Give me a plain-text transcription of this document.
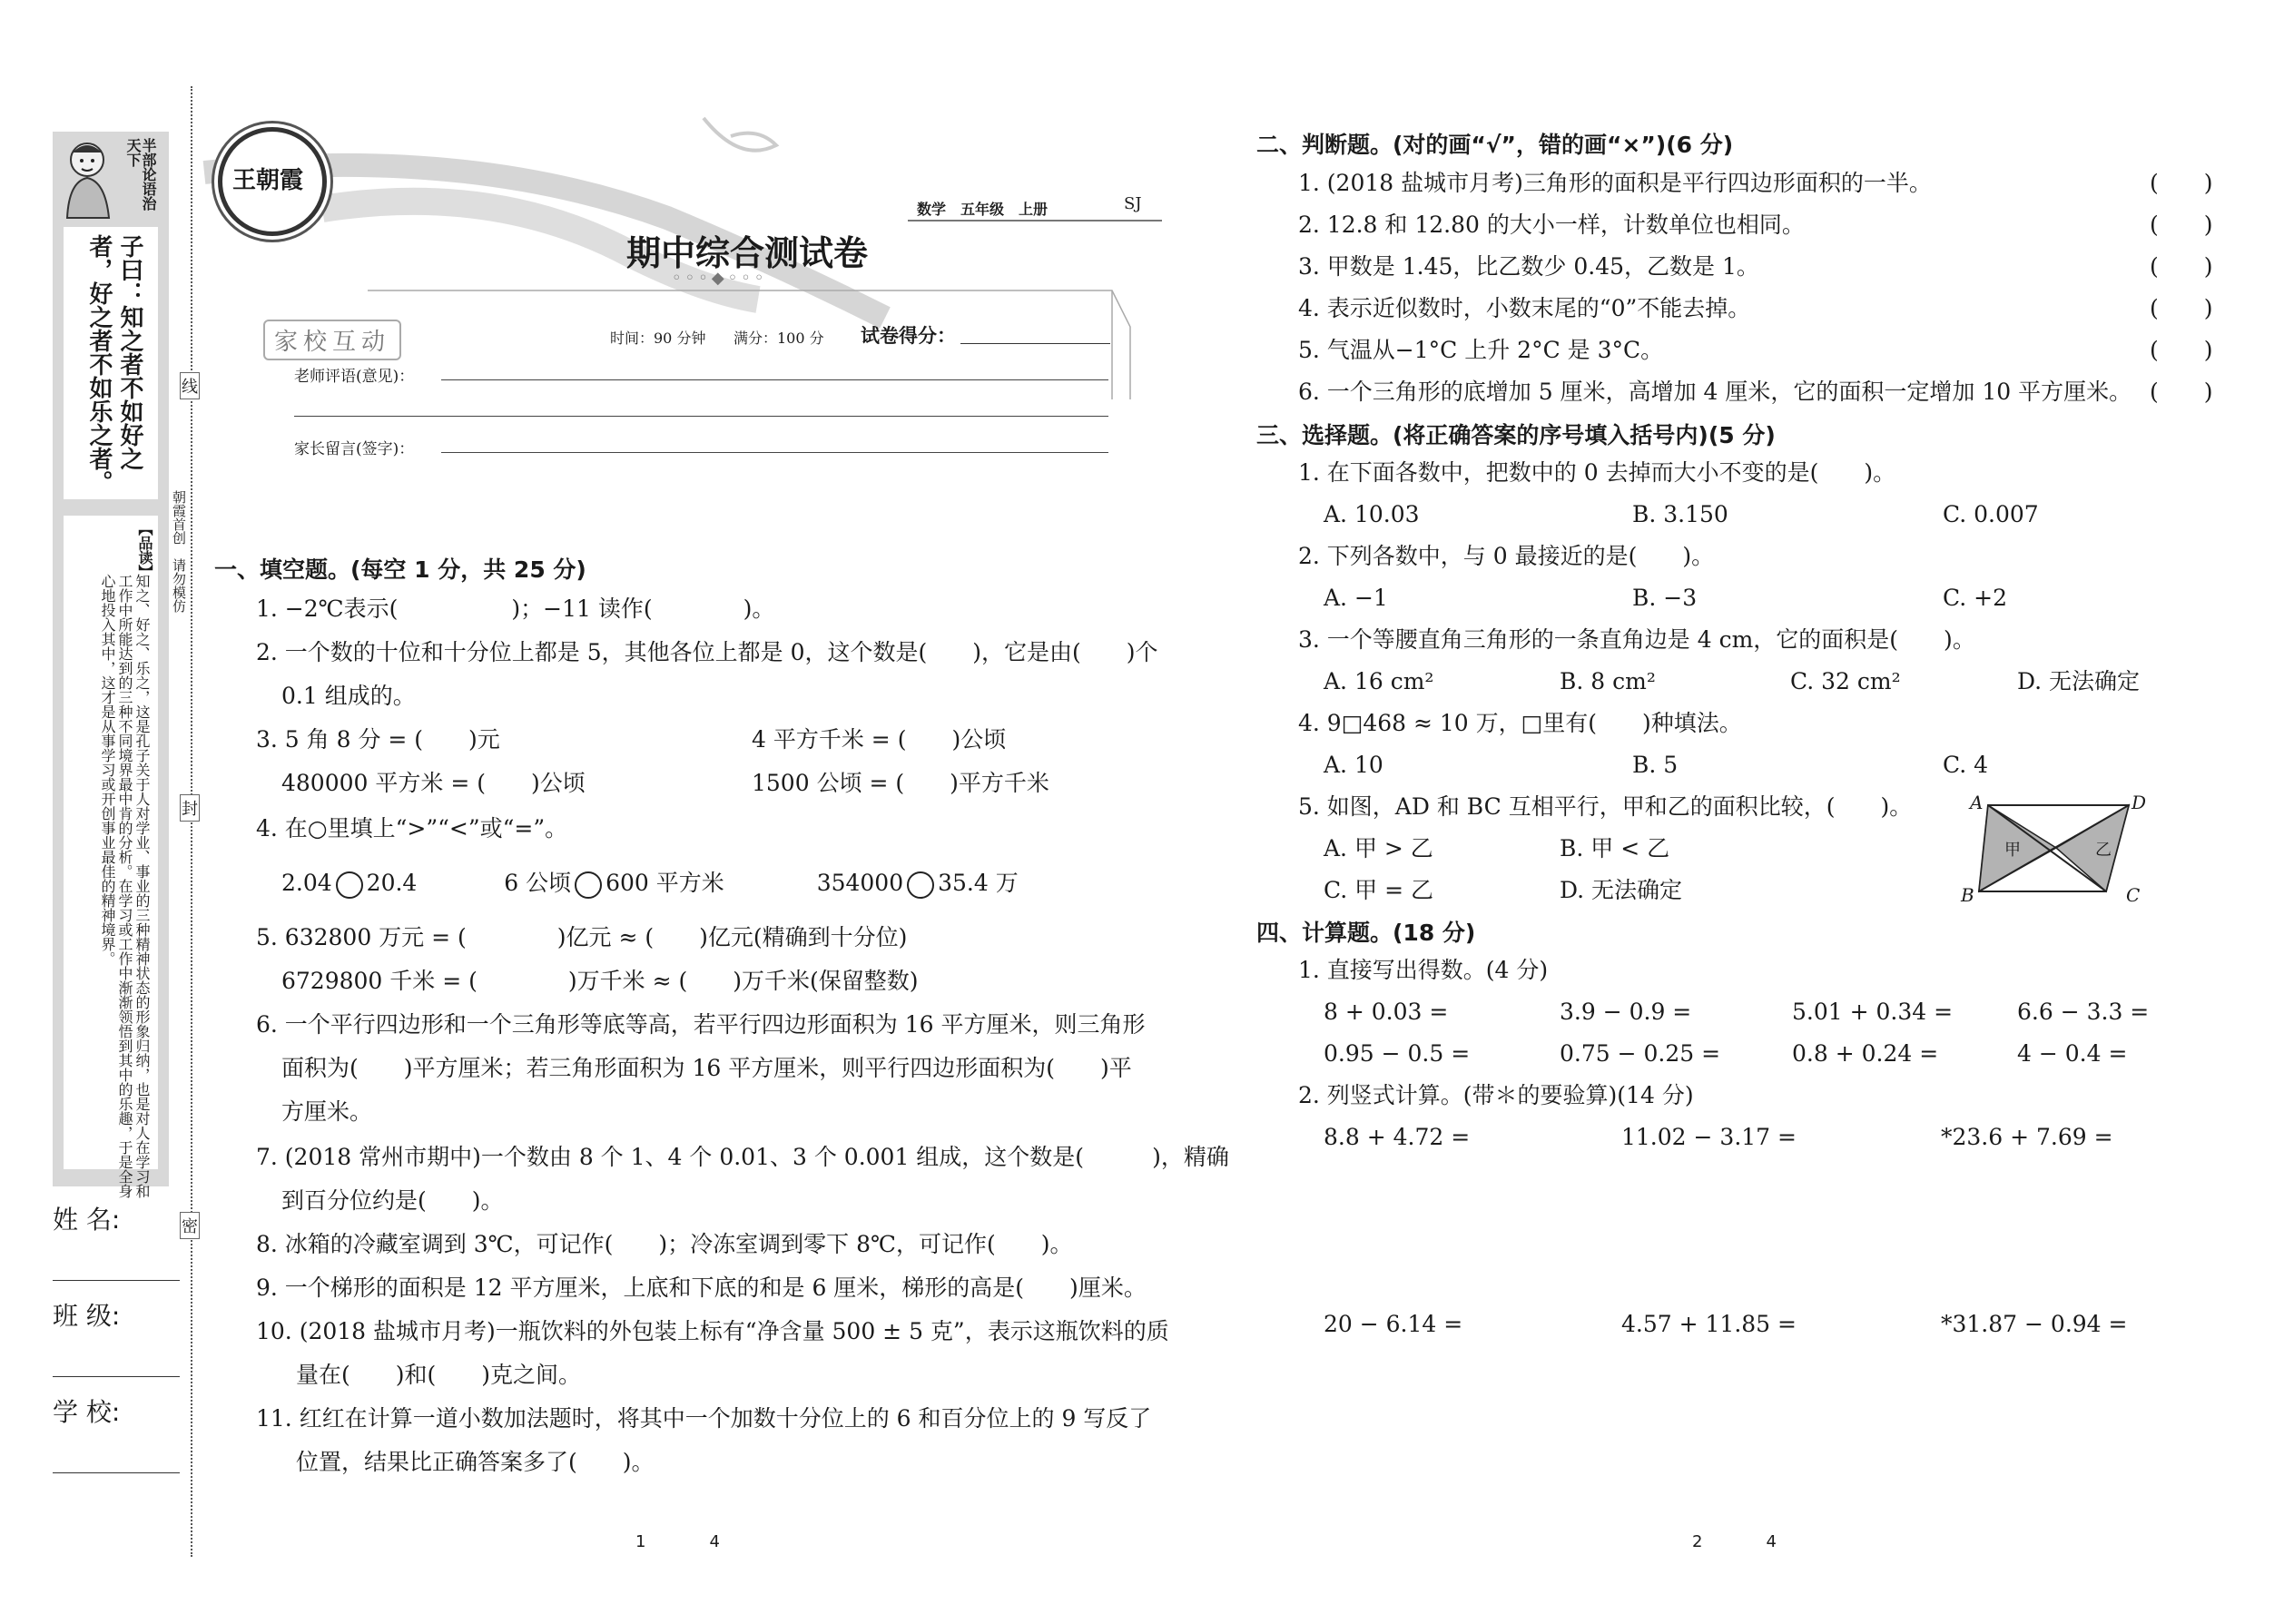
半部论语治天下
子曰：知之者不如好之者，好之者不如乐之者。
【品读】
知之、好之、乐之，这是孔子关于人对学业、事业的三种精神状态的形象归纳，也是对人在学习和工作中所能达到的三种不同境界最中肯的分析。在学习或工作中渐渐领悟到其中的乐趣，于是全身心地投入其中，这才是从事学习或开创事业最佳的精神境界。
姓 名:
班 级:
学 校:
线
封
密
朝霞首创　请勿模仿
王朝霞
数学　五年级　上册	SJ
期中综合测试卷
◦◦◦◆◦◦◦
家校互动	时间：90 分钟 满分：100 分 试卷得分：
老师评语(意见)：
家长留言(签字)：
一、填空题。(每空 1 分，共 25 分)
1. −2℃表示(　　　　　)；−11 读作(　　　　)。
2. 一个数的十位和十分位上都是 5，其他各位上都是 0，这个数是(　　)，它是由(　　)个
0.1 组成的。
3. 5 角 8 分 = (　　)元	4 平方千米 = (　　)公顷
480000 平方米 = (　　)公顷	1500 公顷 = (　　)平方千米
4. 在○里填上“>”“<”或“=”。
2.04 20.4	6 公顷 600 平方米	354000 35.4 万
5. 632800 万元 = (　　　　)亿元 ≈ (　　)亿元(精确到十分位)
6729800 千米 = (　　　　)万千米 ≈ (　　)万千米(保留整数)
6. 一个平行四边形和一个三角形等底等高，若平行四边形面积为 16 平方厘米，则三角形
面积为(　　)平方厘米；若三角形面积为 16 平方厘米，则平行四边形面积为(　　)平
方厘米。
7. (2018 常州市期中)一个数由 8 个 1、4 个 0.01、3 个 0.001 组成，这个数是(　　　)，精确
到百分位约是(　　)。
8. 冰箱的冷藏室调到 3℃，可记作(　　)；冷冻室调到零下 8℃，可记作(　　)。
9. 一个梯形的面积是 12 平方厘米，上底和下底的和是 6 厘米，梯形的高是(　　)厘米。
10. (2018 盐城市月考)一瓶饮料的外包装上标有“净含量 500 ± 5 克”，表示这瓶饮料的质
量在(　　)和(　　)克之间。
11. 红红在计算一道小数加法题时，将其中一个加数十分位上的 6 和百分位上的 9 写反了
位置，结果比正确答案多了(　　)。
1	4
二、判断题。(对的画“√”，错的画“×”)(6 分)
1. (2018 盐城市月考)三角形的面积是平行四边形面积的一半。	(　　)
2. 12.8 和 12.80 的大小一样，计数单位也相同。	(　　)
3. 甲数是 1.45，比乙数少 0.45，乙数是 1。	(　　)
4. 表示近似数时，小数末尾的“0”不能去掉。	(　　)
5. 气温从−1°C 上升 2°C 是 3°C。	(　　)
6. 一个三角形的底增加 5 厘米，高增加 4 厘米，它的面积一定增加 10 平方厘米。 (　　)
三、选择题。(将正确答案的序号填入括号内)(5 分)
1. 在下面各数中，把数中的 0 去掉而大小不变的是(　　)。
A. 10.03	B. 3.150	C. 0.007
2. 下列各数中，与 0 最接近的是(　　)。
A. −1	B. −3	C. +2
3. 一个等腰直角三角形的一条直角边是 4 cm，它的面积是(　　)。
A. 16 cm²	B. 8 cm²	C. 32 cm²	D. 无法确定
4. 9□468 ≈ 10 万，□里有(　　)种填法。
A. 10	B. 5	C. 4
5. 如图，AD 和 BC 互相平行，甲和乙的面积比较，(　　)。
A. 甲 > 乙	B. 甲 < 乙
C. 甲 = 乙	D. 无法确定
A	D
B	C
甲	乙
四、计算题。(18 分)
1. 直接写出得数。(4 分)
8 + 0.03 =	3.9 − 0.9 =	5.01 + 0.34 =	6.6 − 3.3 =
0.95 − 0.5 =	0.75 − 0.25 =	0.8 + 0.24 =	4 − 0.4 =
2. 列竖式计算。(带＊的要验算)(14 分)
8.8 + 4.72 =	11.02 − 3.17 =	*23.6 + 7.69 =
20 − 6.14 =	4.57 + 11.85 =	*31.87 − 0.94 =
2	4
